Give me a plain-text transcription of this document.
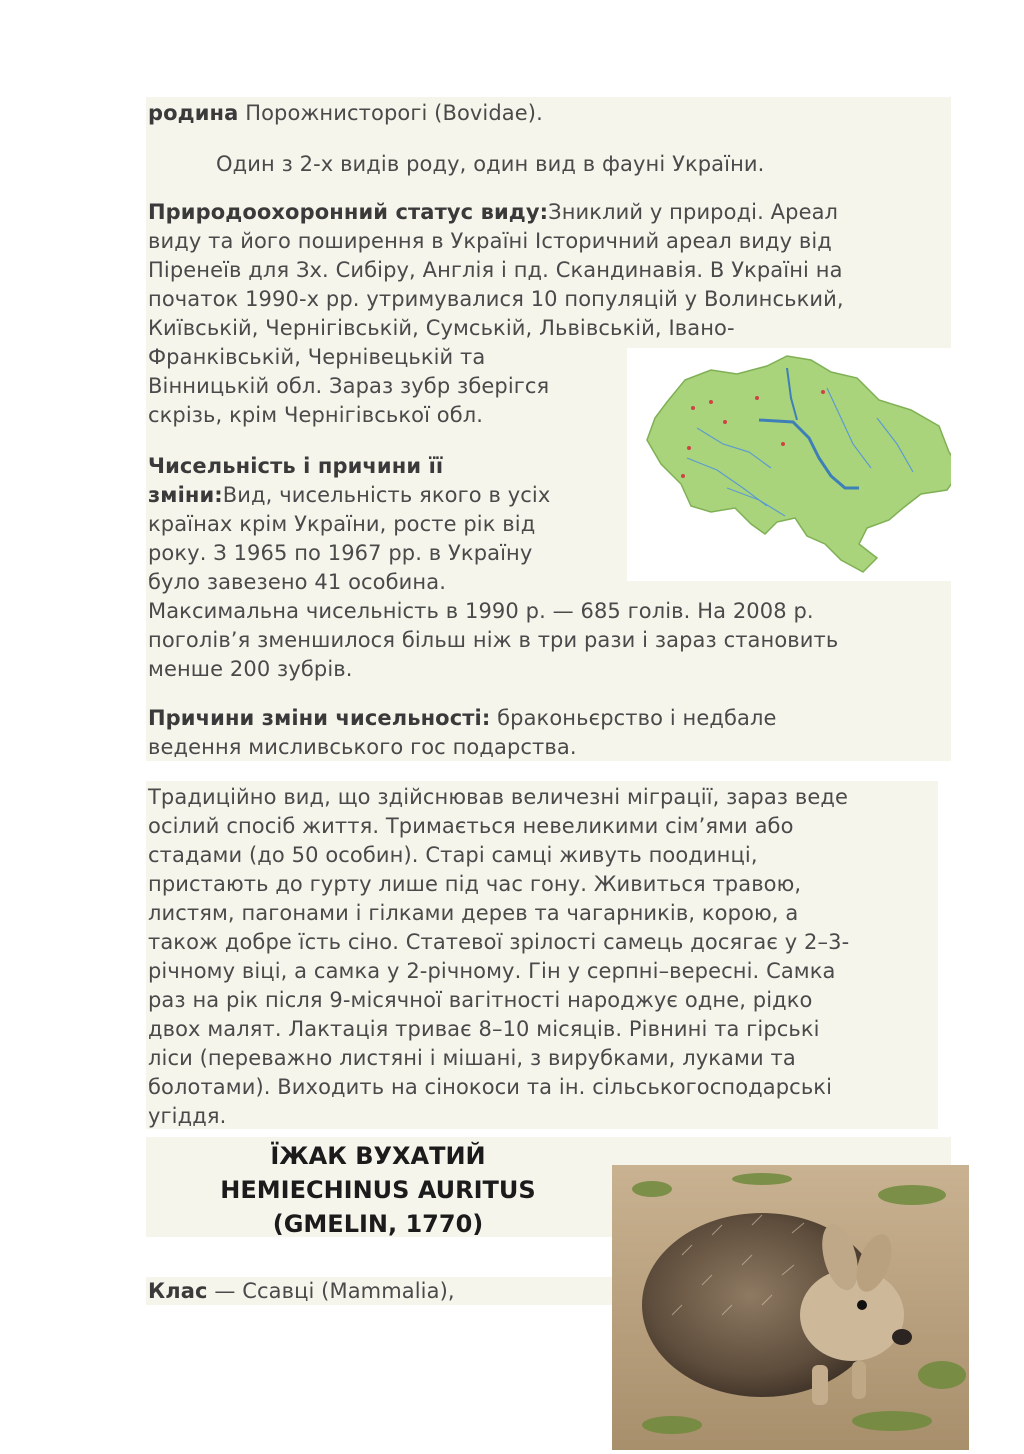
родина Порожнисторогі (Bovidae).

Один з 2-х видів роду, один вид в фауні України.

Природоохоронний статус виду:Зниклий у природі. Ареал
виду та його поширення в Україні Історичний ареал виду від
Піренеїв для Зх. Сибіру, Англія і пд. Скандинавія. В Україні на
початок 1990-х рр. утримувалися 10 популяцій у Волинський,
Київській, Чернігівській, Сумській, Львівській, Івано-
Франківській, Чернівецькій та
Вінницькій обл. Зараз зубр зберігся
скрізь, крім Чернігівської обл.
Чисельність і причини її
зміни:Вид, чисельність якого в усіх
країнах крім України, росте рік від
року. З 1965 по 1967 рр. в Україну
було завезено 41 особина.
Максимальна чисельність в 1990 р. — 685 голів. На 2008 р.
поголів’я зменшилося більш ніж в три рази і зараз становить
менше 200 зубрів.
Причини зміни чисельності: браконьєрство і недбале
ведення мисливського гос подарства.
Традиційно вид, що здійснював величезні міграції, зараз веде
осілий спосіб життя. Тримається невеликими сім’ями або
стадами (до 50 особин). Старі самці живуть поодинці,
пристають до гурту лише під час гону. Живиться травою,
листям, пагонами і гілками дерев та чагарників, корою, а
також добре їсть сіно. Статевої зрілості самець досягає у 2–3-
річному віці, а самка у 2-річному. Гін у серпні–вересні. Самка
раз на рік після 9-місячної вагітності народжує одне, рідко
двох малят. Лактація триває 8–10 місяців. Рівнині та гірські
ліси (переважно листяні і мішані, з вирубками, луками та
болотами). Виходить на сінокоси та ін. сільськогосподарські
угіддя.
ЇЖАК ВУХАТИЙ
HEMIECHINUS AURITUS
(GMELIN, 1770)

Клас — Ссавці (Mammalia),
